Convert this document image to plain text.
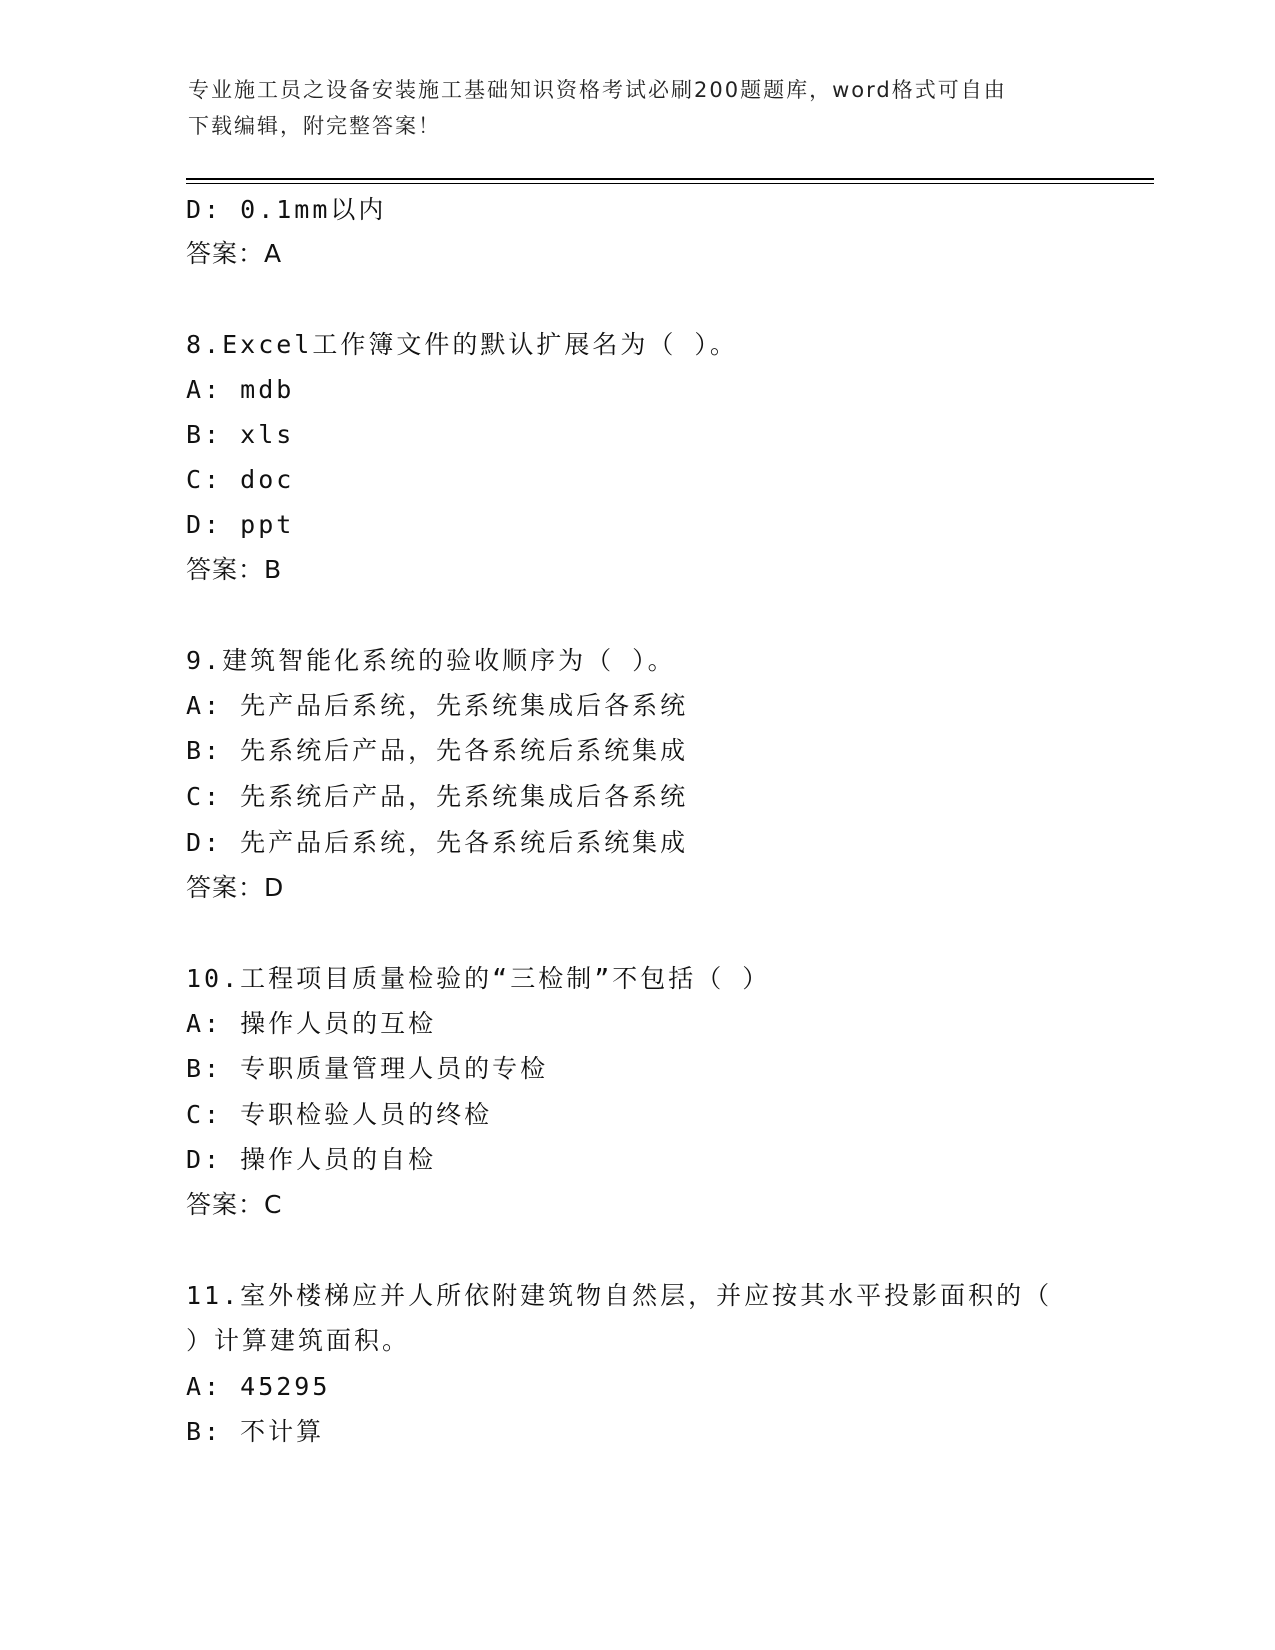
专业施工员之设备安装施工基础知识资格考试必刷200题题库，word格式可自由
下载编辑，附完整答案！
D: 0.1mm以内
答案：A
8.Excel工作簿文件的默认扩展名为（ ）。
A: mdb
B: xls
C: doc
D: ppt
答案：B
9.建筑智能化系统的验收顺序为（ ）。
A: 先产品后系统，先系统集成后各系统
B: 先系统后产品，先各系统后系统集成
C: 先系统后产品，先系统集成后各系统
D: 先产品后系统，先各系统后系统集成
答案：D
10.工程项目质量检验的“三检制”不包括（ ）
A: 操作人员的互检
B: 专职质量管理人员的专检
C: 专职检验人员的终检
D: 操作人员的自检
答案：C
11.室外楼梯应并人所依附建筑物自然层，并应按其水平投影面积的（
）计算建筑面积。
A: 45295
B: 不计算
